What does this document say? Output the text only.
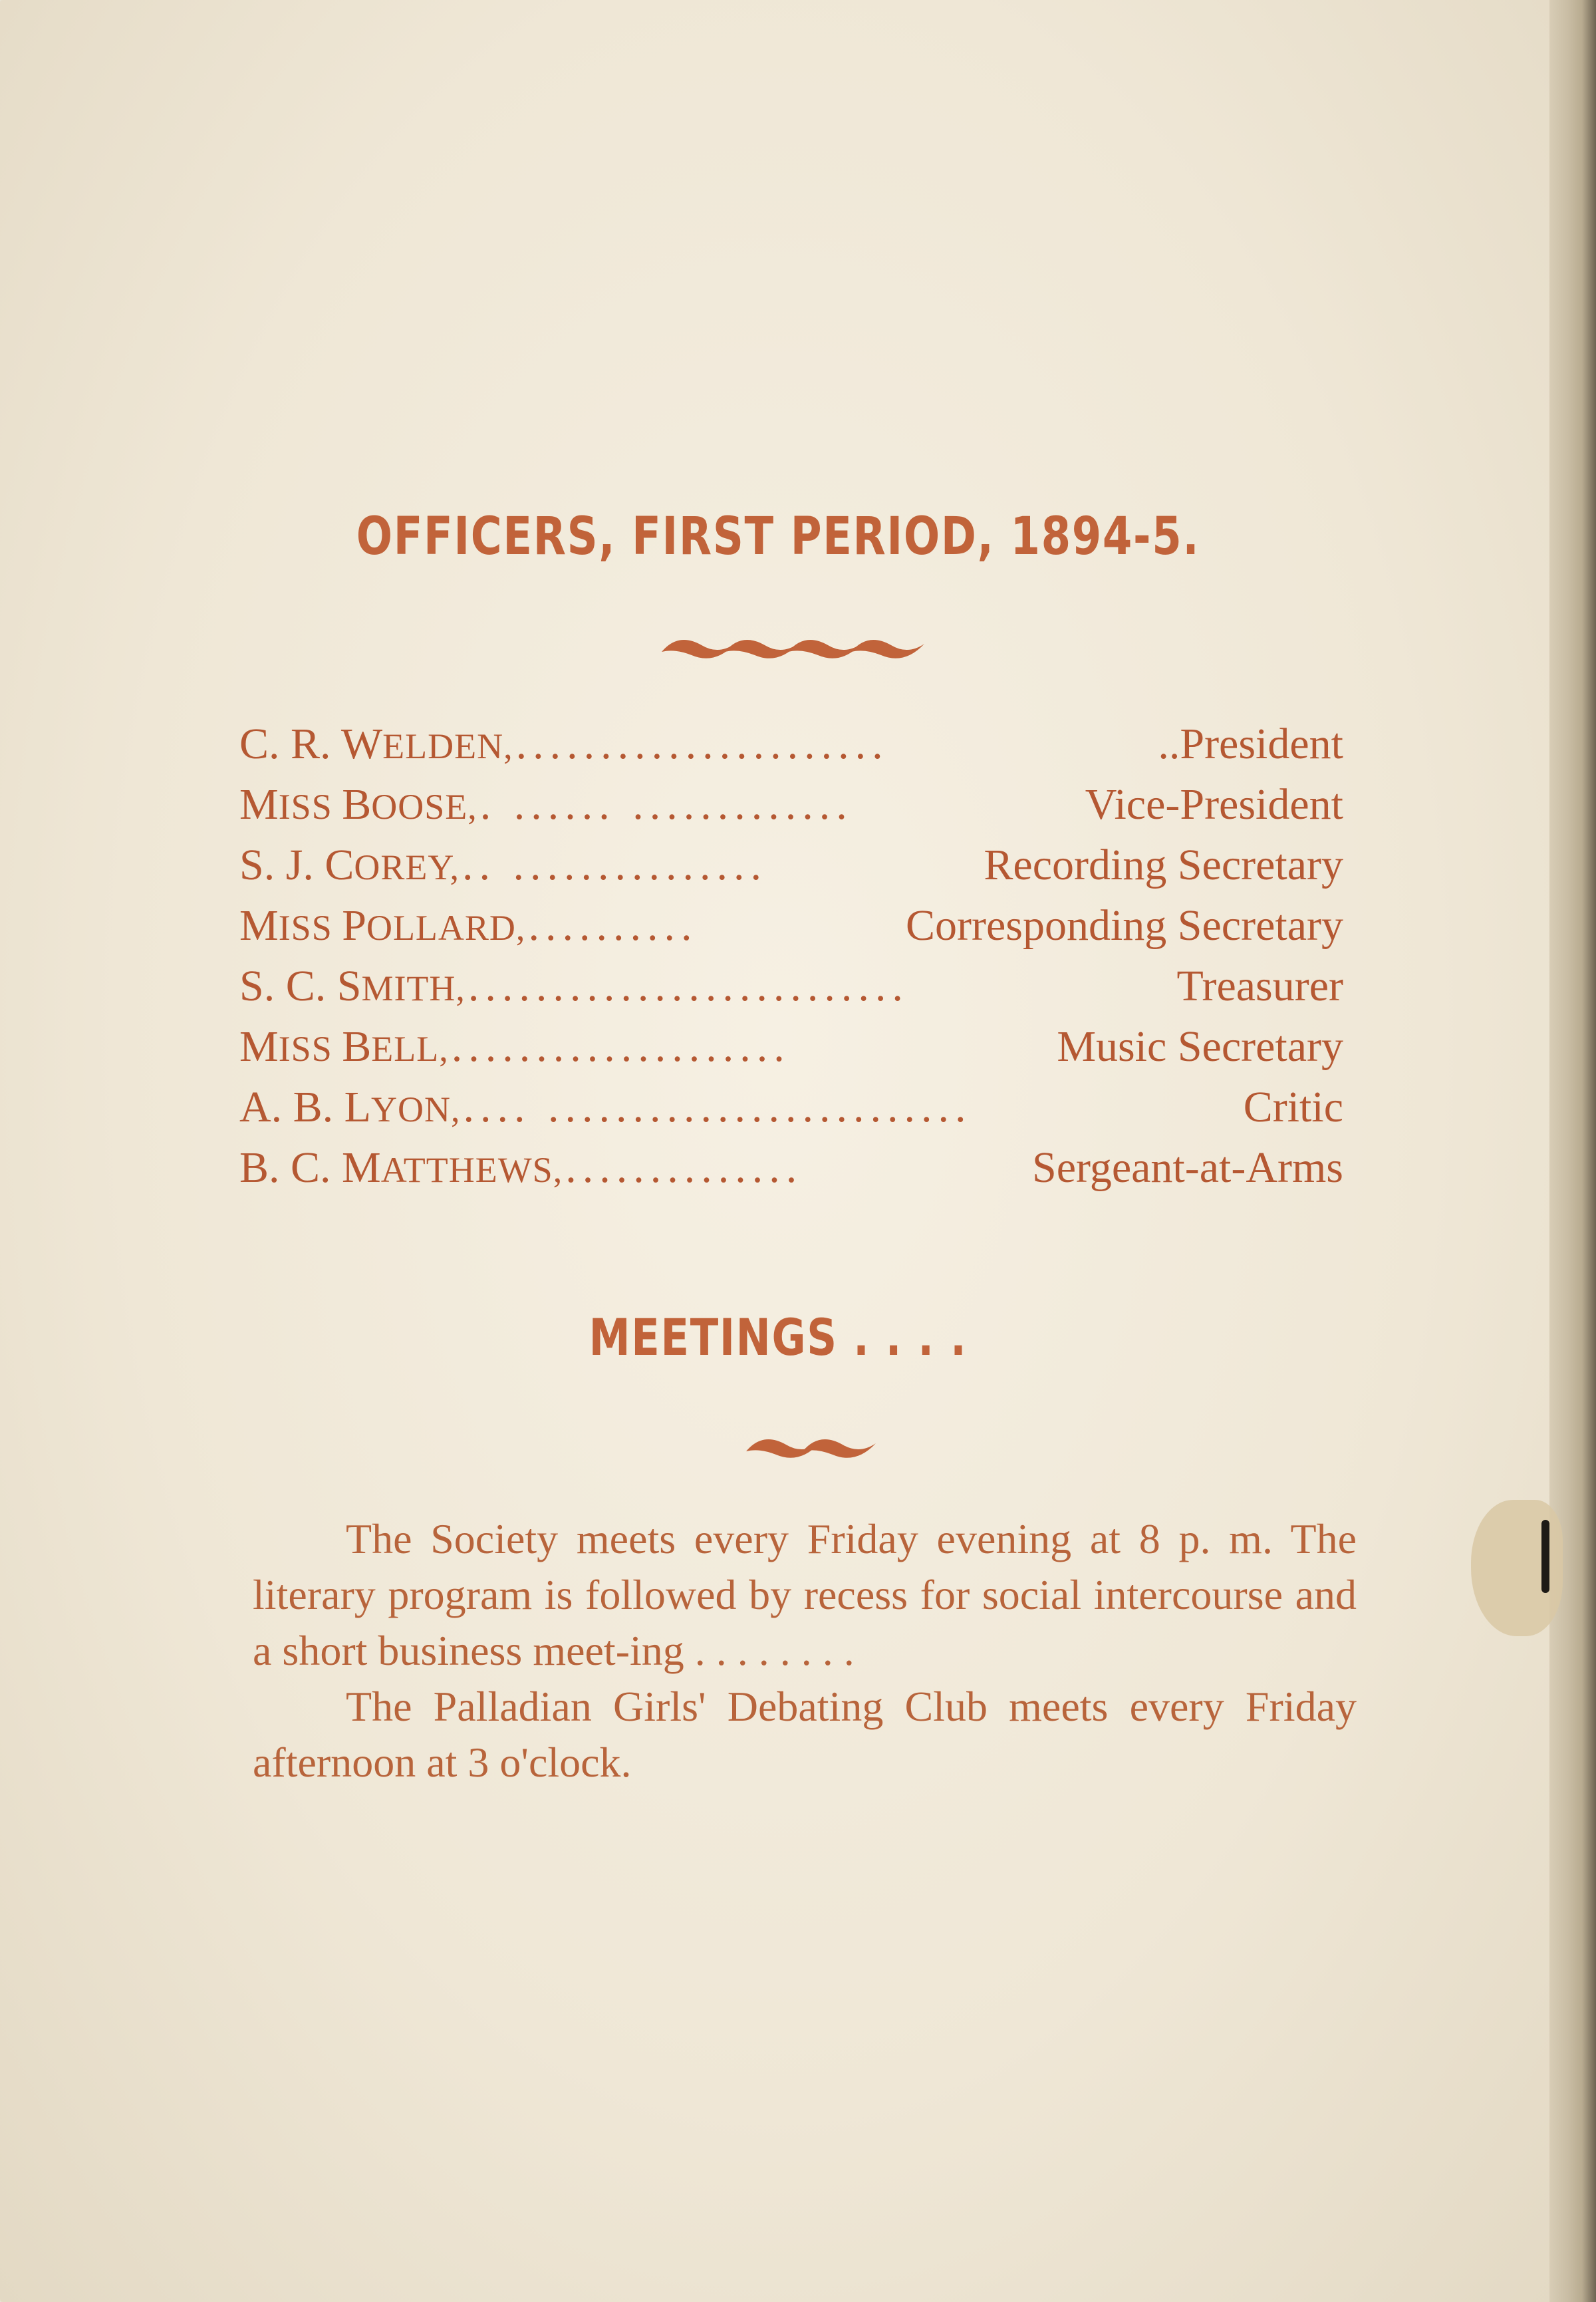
OFFICERS, FIRST PERIOD, 1894-5.
C. R. WELDEN, ......................	..President
MISS BOOSE, . ...... .............	Vice-President
S. J. COREY, .. ...............	Recording Secretary
MISS POLLARD, ..........	Corresponding Secretary
S. C. SMITH, ..........................	Treasurer
MISS BELL, ....................	Music Secretary
A. B. LYON, .... .........................	Critic
B. C. MATTHEWS, ..............	Sergeant-at-Arms
MEETINGS . . . .

The Society meets every Friday evening at 8 p. m. The literary program is followed by recess for social intercourse and a short business meet-ing . . . . . . . .

The Palladian Girls' Debating Club meets every Friday afternoon at 3 o'clock.
